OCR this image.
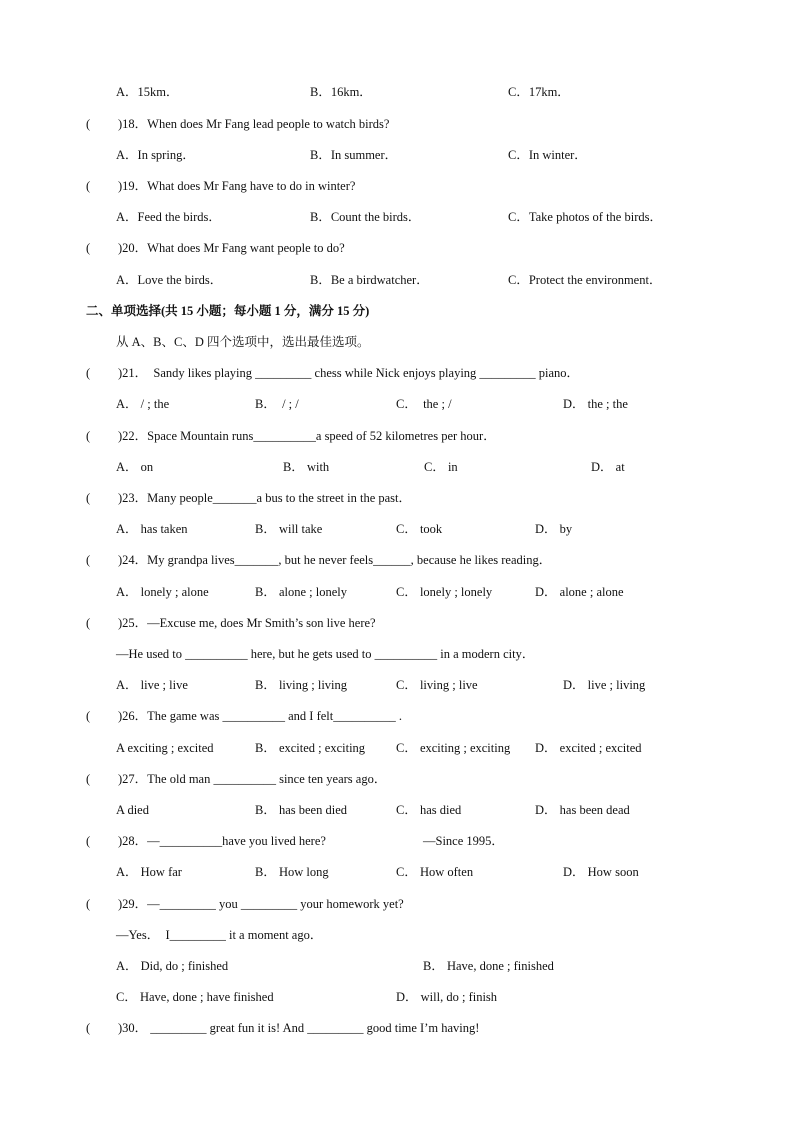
A．15km．	B．16km．	C．17km．
( )18．When does Mr Fang lead people to watch birds?
A．In spring．	B．In summer．	C．In winter．
( )19．What does Mr Fang have to do in winter?
A．Feed the birds．	B．Count the birds．	C．Take photos of the birds．
( )20．What does Mr Fang want people to do?
A．Love the birds．	B．Be a birdwatcher．	C．Protect the environment．
二、单项选择(共 15 小题；每小题 1 分，满分 15 分)
从 A、B、C、D 四个选项中，选出最佳选项。
( )21．  Sandy likes playing _________ chess while Nick enjoys playing _________ piano．
A． / ; the	B．  / ; /	C．  the ; /	D． the ; the
( )22．Space Mountain runs__________a speed of 52 kilometres per hour．
A． on	B． with	C． in	D． at
( )23．Many people_______a bus to the street in the past．
A． has taken	B． will take	C． took	D． by
( )24．My grandpa lives_______, but he never feels______, because he likes reading．
A． lonely ; alone	B． alone ; lonely	C． lonely ; lonely	D． alone ; alone
( )25．—Excuse me, does Mr Smith’s son live here?
—He used to __________ here, but he gets used to __________ in a modern city．
A． live ; live	B． living ; living	C． living ; live	D． live ; living
( )26．The game was __________ and I felt__________ .
A exciting ; excited	B． excited ; exciting C． exciting ; exciting D． excited ; excited
( )27．The old man __________ since ten years ago．
A died	B． has been died	C． has died	D． has been dead
( )28．—__________have you lived here?	—Since 1995．
A． How far	B． How long	C． How often	D． How soon
( )29．—_________ you _________ your homework yet?
—Yes．  I_________ it a moment ago．
A． Did, do ; finished	B． Have, done ; finished
C． Have, done ; have finished	D． will, do ; finish
( )30． _________ great fun it is! And _________ good time I’m having!
